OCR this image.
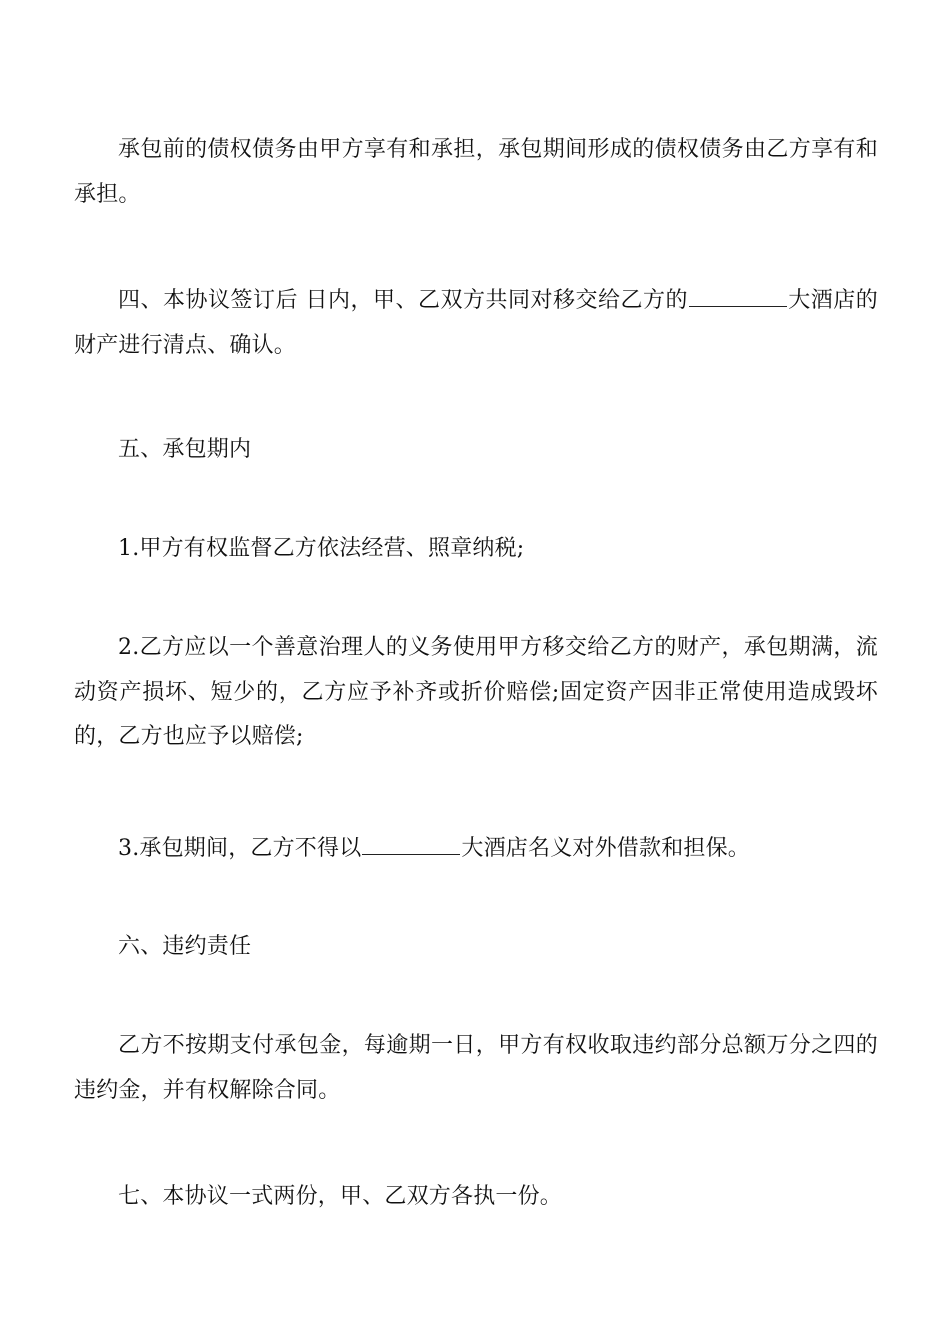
承包前的债权债务由甲方享有和承担，承包期间形成的债权债务由乙方享有和承担。

四、本协议签订后 日内，甲、乙双方共同对移交给乙方的	大酒店的财产进行清点、确认。

五、承包期内

1.甲方有权监督乙方依法经营、照章纳税;

2.乙方应以一个善意治理人的义务使用甲方移交给乙方的财产，承包期满，流动资产损坏、短少的，乙方应予补齐或折价赔偿;固定资产因非正常使用造成毁坏的，乙方也应予以赔偿;

3.承包期间，乙方不得以	大酒店名义对外借款和担保。

六、违约责任

乙方不按期支付承包金，每逾期一日，甲方有权收取违约部分总额万分之四的违约金，并有权解除合同。

七、本协议一式两份，甲、乙双方各执一份。
